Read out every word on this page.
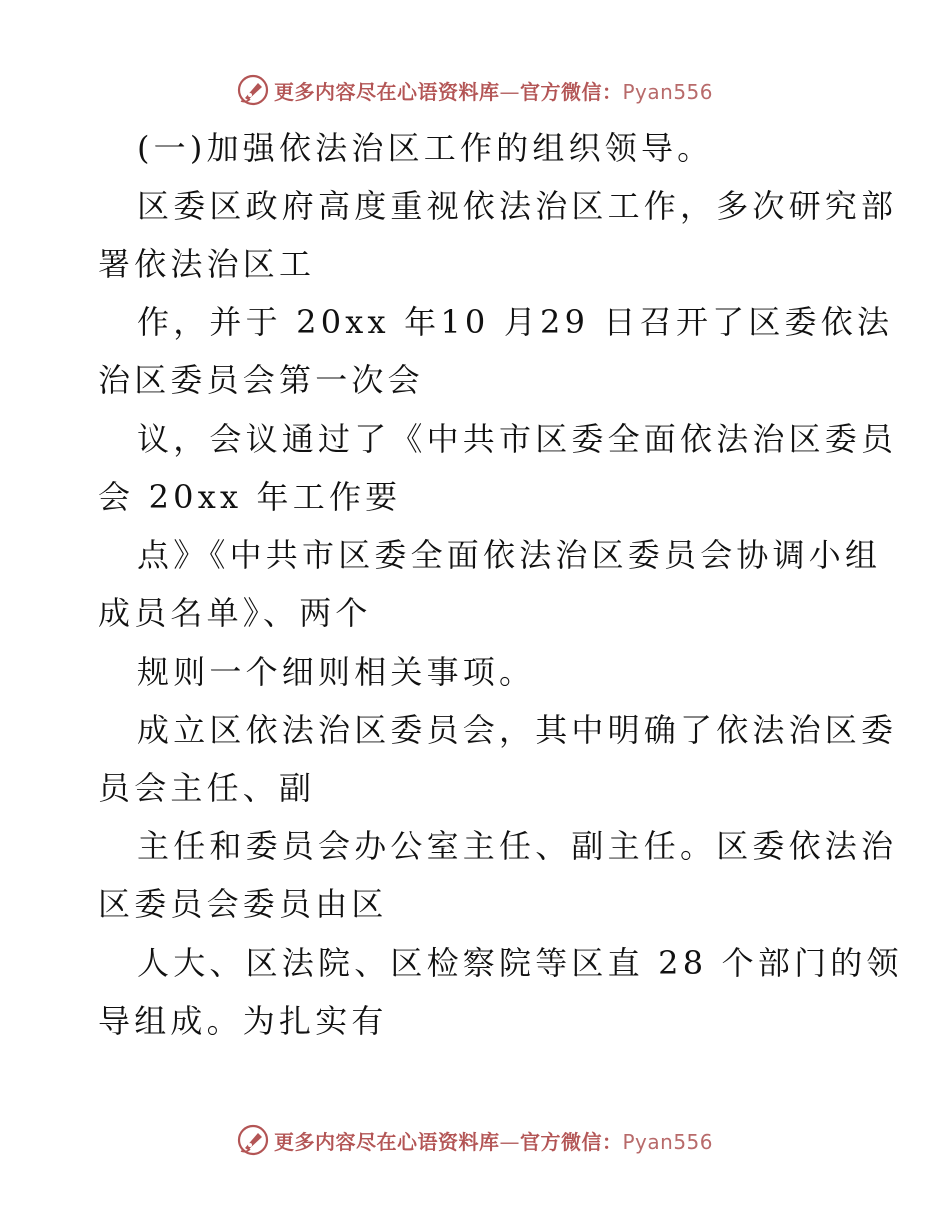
更多内容尽在心语资料库—官方微信：Pyan556
(一)加强依法治区工作的组织领导。
区委区政府高度重视依法治区工作，多次研究部
署依法治区工
作，并于 20xx 年10 月29 日召开了区委依法
治区委员会第一次会
议，会议通过了《中共市区委全面依法治区委员
会 20xx 年工作要
点》《中共市区委全面依法治区委员会协调小组
成员名单》、两个
规则一个细则相关事项。
成立区依法治区委员会，其中明确了依法治区委
员会主任、副
主任和委员会办公室主任、副主任。区委依法治
区委员会委员由区
人大、区法院、区检察院等区直 28 个部门的领
导组成。为扎实有
更多内容尽在心语资料库—官方微信：Pyan556
